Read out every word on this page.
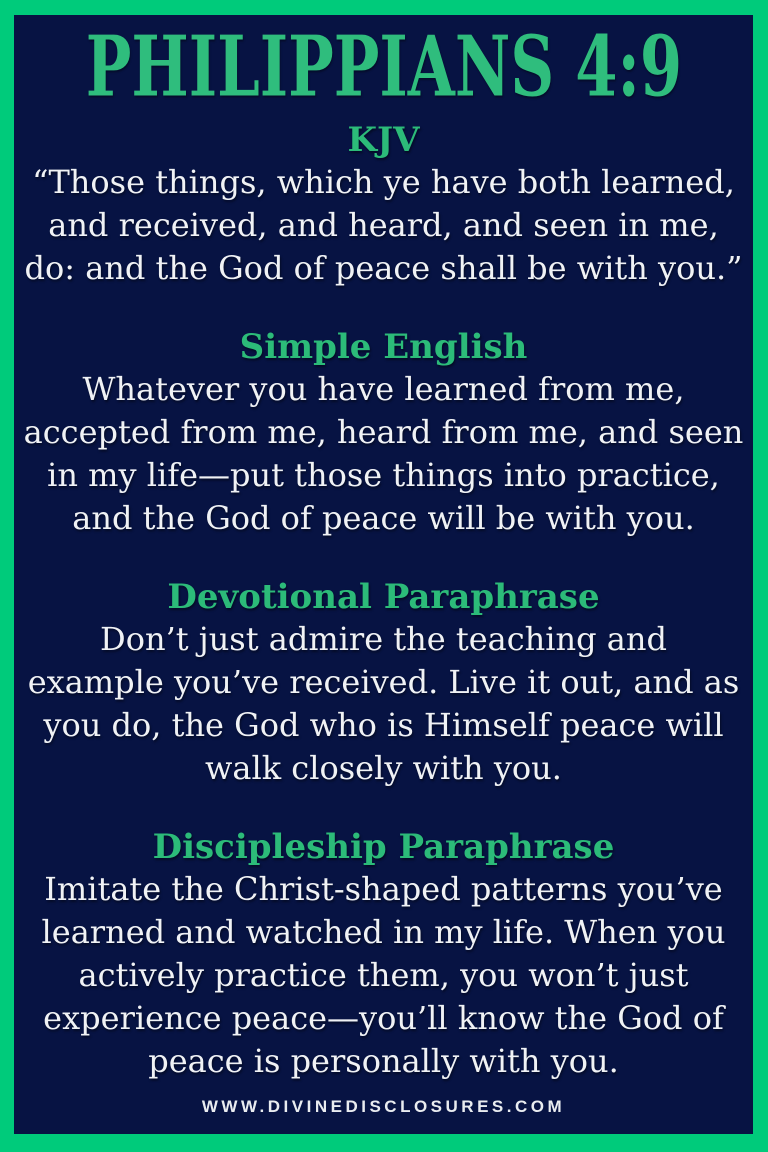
PHILIPPIANS 4:9
KJV
“Those things, which ye have both learned,
and received, and heard, and seen in me,
do: and the God of peace shall be with you.”
Simple English
Whatever you have learned from me,
accepted from me, heard from me, and seen
in my life—put those things into practice,
and the God of peace will be with you.
Devotional Paraphrase
Don’t just admire the teaching and
example you’ve received. Live it out, and as
you do, the God who is Himself peace will
walk closely with you.
Discipleship Paraphrase
Imitate the Christ-shaped patterns you’ve
learned and watched in my life. When you
actively practice them, you won’t just
experience peace—you’ll know the God of
peace is personally with you.
WWW.DIVINEDISCLOSURES.COM
